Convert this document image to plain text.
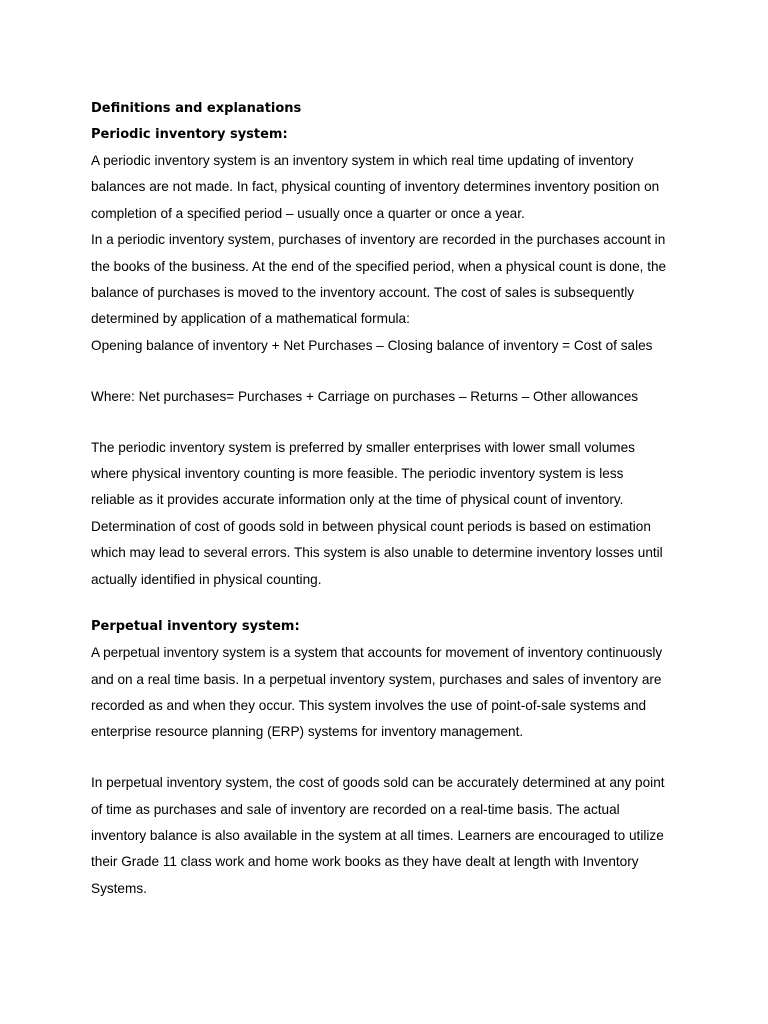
Definitions and explanations
Periodic inventory system:
A periodic inventory system is an inventory system in which real time updating of inventory
balances are not made. In fact, physical counting of inventory determines inventory position on
completion of a specified period – usually once a quarter or once a year.
In a periodic inventory system, purchases of inventory are recorded in the purchases account in
the books of the business. At the end of the specified period, when a physical count is done, the
balance of purchases is moved to the inventory account. The cost of sales is subsequently
determined by application of a mathematical formula:
Opening balance of inventory + Net Purchases – Closing balance of inventory = Cost of sales
Where: Net purchases= Purchases + Carriage on purchases – Returns – Other allowances
The periodic inventory system is preferred by smaller enterprises with lower small volumes
where physical inventory counting is more feasible. The periodic inventory system is less
reliable as it provides accurate information only at the time of physical count of inventory.
Determination of cost of goods sold in between physical count periods is based on estimation
which may lead to several errors. This system is also unable to determine inventory losses until
actually identified in physical counting.
Perpetual inventory system:
A perpetual inventory system is a system that accounts for movement of inventory continuously
and on a real time basis. In a perpetual inventory system, purchases and sales of inventory are
recorded as and when they occur. This system involves the use of point-of-sale systems and
enterprise resource planning (ERP) systems for inventory management.
In perpetual inventory system, the cost of goods sold can be accurately determined at any point
of time as purchases and sale of inventory are recorded on a real-time basis. The actual
inventory balance is also available in the system at all times. Learners are encouraged to utilize
their Grade 11 class work and home work books as they have dealt at length with Inventory
Systems.
